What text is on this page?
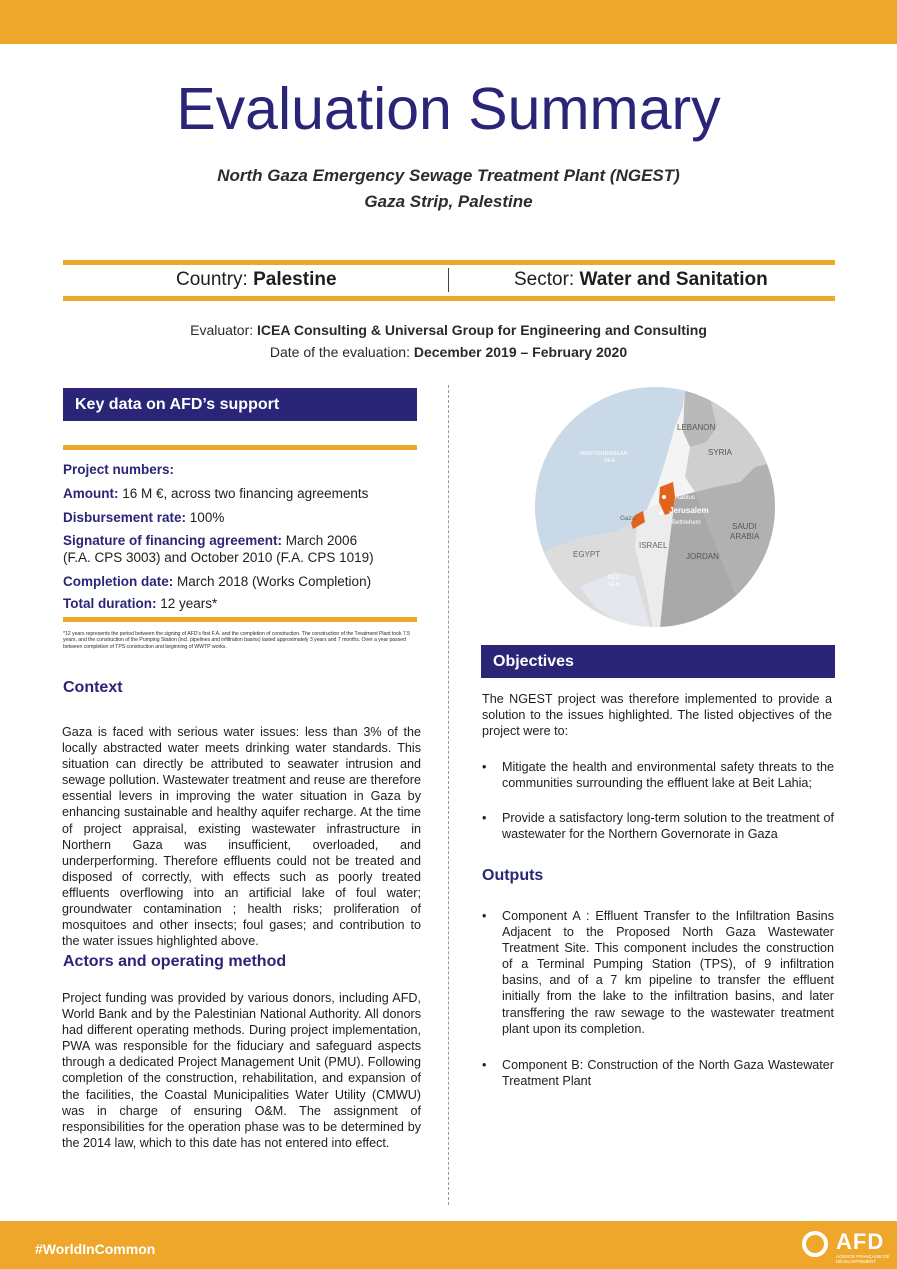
Evaluation Summary
North Gaza Emergency Sewage Treatment Plant (NGEST)
Gaza Strip, Palestine
Country: Palestine	Sector: Water and Sanitation
Evaluator: ICEA Consulting & Universal Group for Engineering and Consulting
Date of the evaluation: December 2019 – February 2020
Key data on AFD’s support
Project numbers:
Amount: 16 M €, across two financing agreements
Disbursement rate: 100%
Signature of financing agreement: March 2006 (F.A. CPS 3003) and October 2010 (F.A. CPS 1019)
Completion date: March 2018 (Works Completion)
Total duration: 12 years*
*12 years represents the period between the signing of AFD’s first F.A. and the completion of construction. The construction of the Treatment Plant took 7.5 years, and the construction of the Pumping Station (incl. pipelines and infiltration basins) lasted approximately 3 years and 7 months. Over a year passed between completion of TPS construction and beginning of WWTP works.
Context
Gaza is faced with serious water issues: less than 3% of the locally abstracted water meets drinking water standards. This situation can directly be attributed to seawater intrusion and sewage pollution. Wastewater treatment and reuse are therefore essential levers in improving the water situation in Gaza by enhancing sustainable and healthy aquifer recharge. At the time of project appraisal, existing wastewater infrastructure in Northern Gaza was insufficient, overloaded, and underperforming. Therefore effluents could not be treated and disposed of correctly, with effects such as poorly treated effluents overflowing into an artificial lake of foul water; groundwater contamination ; health risks; proliferation of mosquitoes and other insects; foul gases; and contribution to the water issues highlighted above.
Actors and operating method
Project funding was provided by various donors, including AFD, World Bank and by the Palestinian National Authority. All donors had different operating methods. During project implementation, PWA was responsible for the fiduciary and safeguard aspects through a dedicated Project Management Unit (PMU). Following completion of the construction, rehabilitation, and expansion of the facilities, the Coastal Municipalities Water Utility (CMWU) was in charge of ensuring O&M. The assignment of responsibilities for the operation phase was to be determined by the 2014 law, which to this date has not entered into effect.
LEBANON
SYRIA
MEDITERRANEAN
SEA
Nablus
Jerusalem
Bethlehem
Gaza
SAUDI
ARABIA
ISRAEL
EGYPT	JORDAN
RED
SEA
Objectives
The NGEST project was therefore implemented to provide a solution to the issues highlighted. The listed objectives of the project were to:
•	Mitigate the health and environmental safety threats to the communities surrounding the effluent lake at Beit Lahia;
•	Provide a satisfactory long-term solution to the treatment of wastewater for the Northern Governorate in Gaza
Outputs
•	Component A : Effluent Transfer to the Infiltration Basins Adjacent to the Proposed North Gaza Wastewater Treatment Site. This component includes the construction of a Terminal Pumping Station (TPS), of 9 infiltration basins, and of a 7 km pipeline to transfer the effluent initially from the lake to the infiltration basins, and later transffering the raw sewage to the wastewater treatment plant upon its completion.
•	Component B: Construction of the North Gaza Wastewater Treatment Plant
#WorldInCommon	AFD
AGENCE FRANÇAISE DE DÉVELOPPEMENT
